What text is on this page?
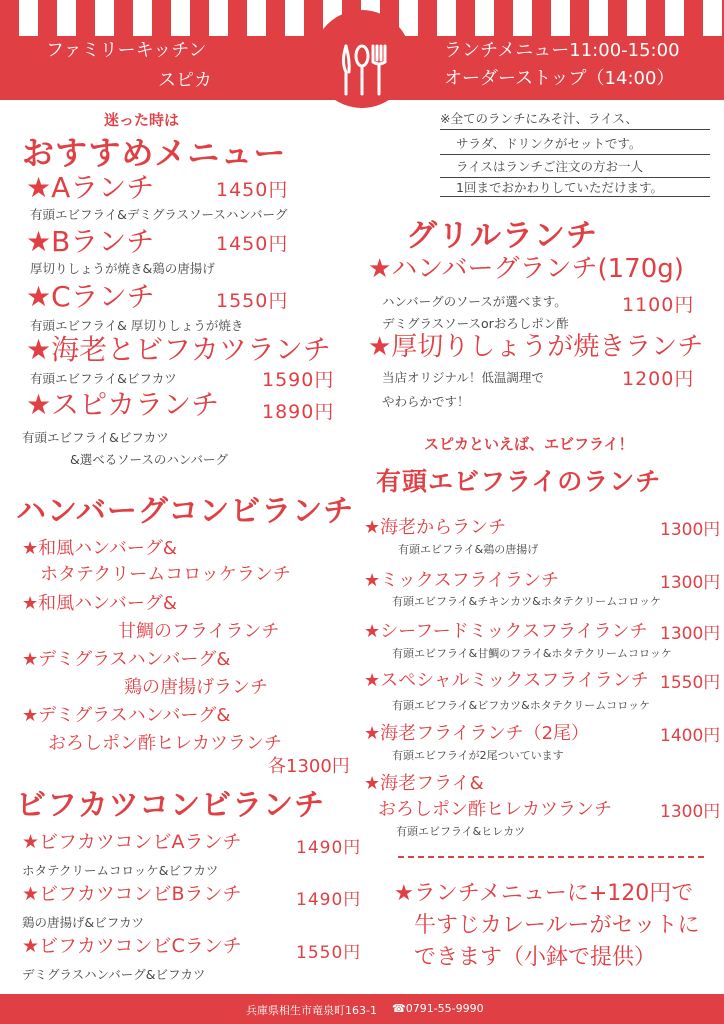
ファミリーキッチン
スピカ
ランチメニュー11:00-15:00
オーダーストップ（14:00）
迷った時は
おすすめメニュー
★Aランチ	1450円
有頭エビフライ&デミグラスソースハンバーグ
★Bランチ	1450円
厚切りしょうが焼き&鶏の唐揚げ
★Cランチ	1550円
有頭エビフライ& 厚切りしょうが焼き
★海老とビフカツランチ
1590円
有頭エビフライ&ビフカツ
★スピカランチ 1890円
有頭エビフライ&ビフカツ
&選べるソースのハンバーグ
※全てのランチにみそ汁、ライス、
サラダ、ドリンクがセットです。
ライスはランチご注文の方お一人
1回までおかわりしていただけます。
グリルランチ
★ハンバーグランチ(170g)
ハンバーグのソースが選べます。	1100円
デミグラスソースorおろしポン酢
★厚切りしょうが焼きランチ
当店オリジナル！低温調理で	1200円
やわらかです！
ハンバーグコンビランチ
★和風ハンバーグ&
ホタテクリームコロッケランチ
★和風ハンバーグ&
甘鯛のフライランチ
★デミグラスハンバーグ&
鶏の唐揚げランチ
★デミグラスハンバーグ&
おろしポン酢ヒレカツランチ
各1300円
ビフカツコンビランチ
★ビフカツコンビAランチ	1490円
ホタテクリームコロッケ&ビフカツ
★ビフカツコンビBランチ	1490円
鶏の唐揚げ&ビフカツ
★ビフカツコンビCランチ	1550円
デミグラスハンバーグ&ビフカツ
スピカといえば、エビフライ！
有頭エビフライのランチ
★海老からランチ	1300円
有頭エビフライ&鶏の唐揚げ
★ミックスフライランチ	1300円
有頭エビフライ&チキンカツ&ホタテクリームコロッケ
★シーフードミックスフライランチ 1300円
有頭エビフライ&甘鯛のフライ&ホタテクリームコロッケ
★スペシャルミックスフライランチ 1550円
有頭エビフライ&ビフカツ&ホタテクリームコロッケ
★海老フライランチ（2尾）	1400円
有頭エビフライが2尾ついています
★海老フライ&
おろしポン酢ヒレカツランチ	1300円
有頭エビフライ&ヒレカツ
★ランチメニューに+120円で
牛すじカレールーがセットに
できます（小鉢で提供）
兵庫県相生市竜泉町163-1 ☎0791-55-9990
